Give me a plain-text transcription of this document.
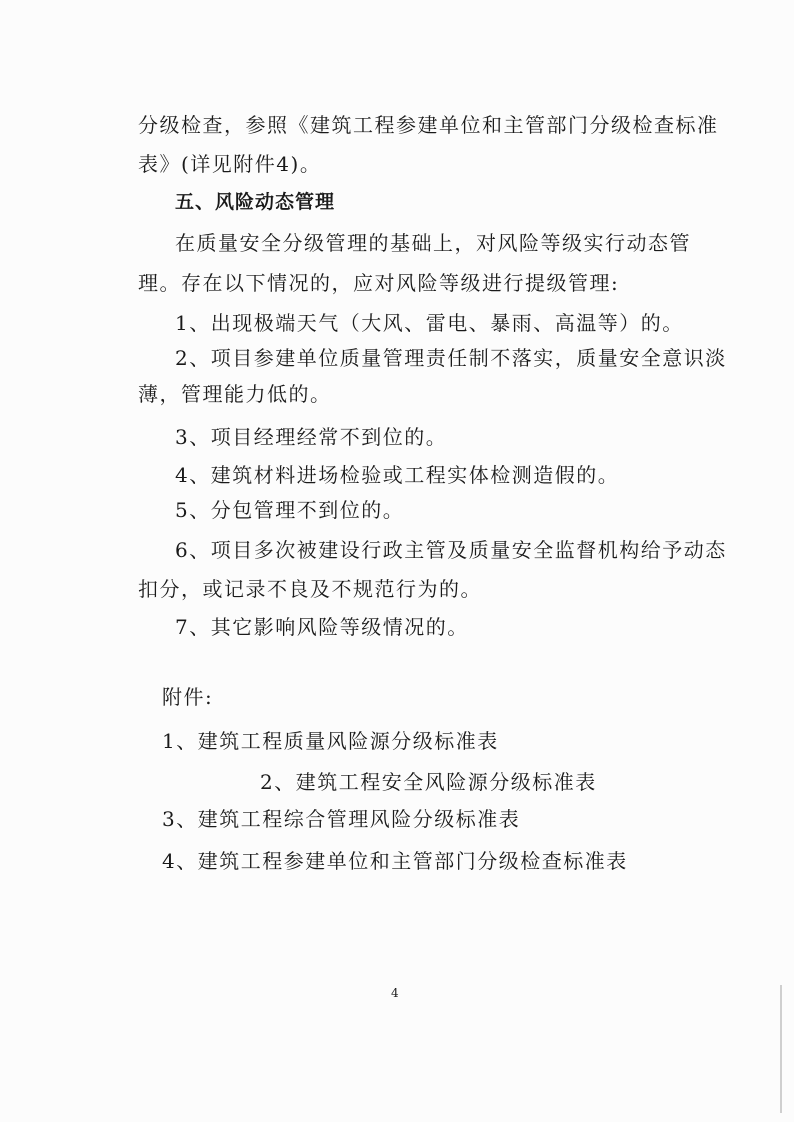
分级检查，参照《建筑工程参建单位和主管部门分级检查标准
表》(详见附件4)。
五、风险动态管理
在质量安全分级管理的基础上，对风险等级实行动态管
理。存在以下情况的，应对风险等级进行提级管理:
1、出现极端天气（大风、雷电、暴雨、高温等）的。
2、项目参建单位质量管理责任制不落实，质量安全意识淡
薄，管理能力低的。
3、项目经理经常不到位的。
4、建筑材料进场检验或工程实体检测造假的。
5、分包管理不到位的。
6、项目多次被建设行政主管及质量安全监督机构给予动态
扣分，或记录不良及不规范行为的。
7、其它影响风险等级情况的。
附件:
1、建筑工程质量风险源分级标准表
2、建筑工程安全风险源分级标准表
3、建筑工程综合管理风险分级标准表
4、建筑工程参建单位和主管部门分级检查标准表
4
